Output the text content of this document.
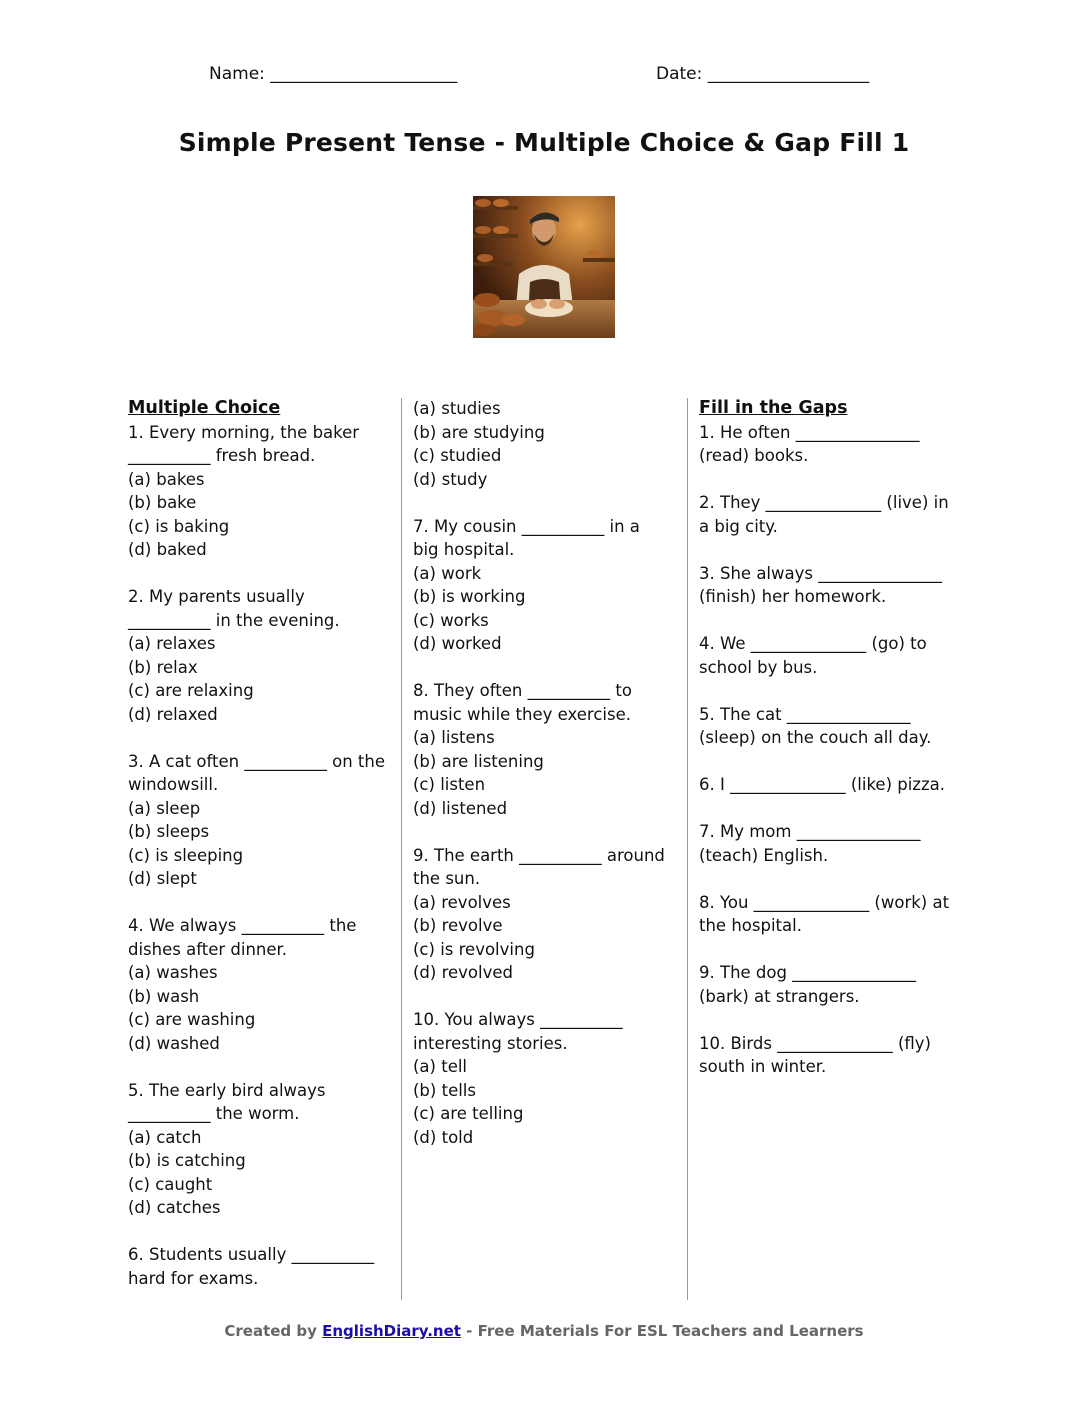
Name: ______________________	Date: ___________________
Simple Present Tense - Multiple Choice & Gap Fill 1
Multiple Choice
1. Every morning, the baker __________ fresh bread.
(a) bakes
(b) bake
(c) is baking
(d) baked
2. My parents usually __________ in the evening.
(a) relaxes
(b) relax
(c) are relaxing
(d) relaxed
3. A cat often __________ on the windowsill.
(a) sleep
(b) sleeps
(c) is sleeping
(d) slept
4. We always __________ the dishes after dinner.
(a) washes
(b) wash
(c) are washing
(d) washed
5. The early bird always __________ the worm.
(a) catch
(b) is catching
(c) caught
(d) catches
6. Students usually __________ hard for exams.
(a) studies
(b) are studying
(c) studied
(d) study
7. My cousin __________ in a big hospital.
(a) work
(b) is working
(c) works
(d) worked
8. They often __________ to music while they exercise.
(a) listens
(b) are listening
(c) listen
(d) listened
9. The earth __________ around the sun.
(a) revolves
(b) revolve
(c) is revolving
(d) revolved
10. You always __________ interesting stories.
(a) tell
(b) tells
(c) are telling
(d) told
Fill in the Gaps
1. He often _______________ (read) books.
2. They ______________ (live) in a big city.
3. She always _______________ (finish) her homework.
4. We ______________ (go) to school by bus.
5. The cat _______________ (sleep) on the couch all day.
6. I ______________ (like) pizza.
7. My mom _______________ (teach) English.
8. You ______________ (work) at the hospital.
9. The dog _______________ (bark) at strangers.
10. Birds ______________ (fly) south in winter.
Created by EnglishDiary.net - Free Materials For ESL Teachers and Learners
